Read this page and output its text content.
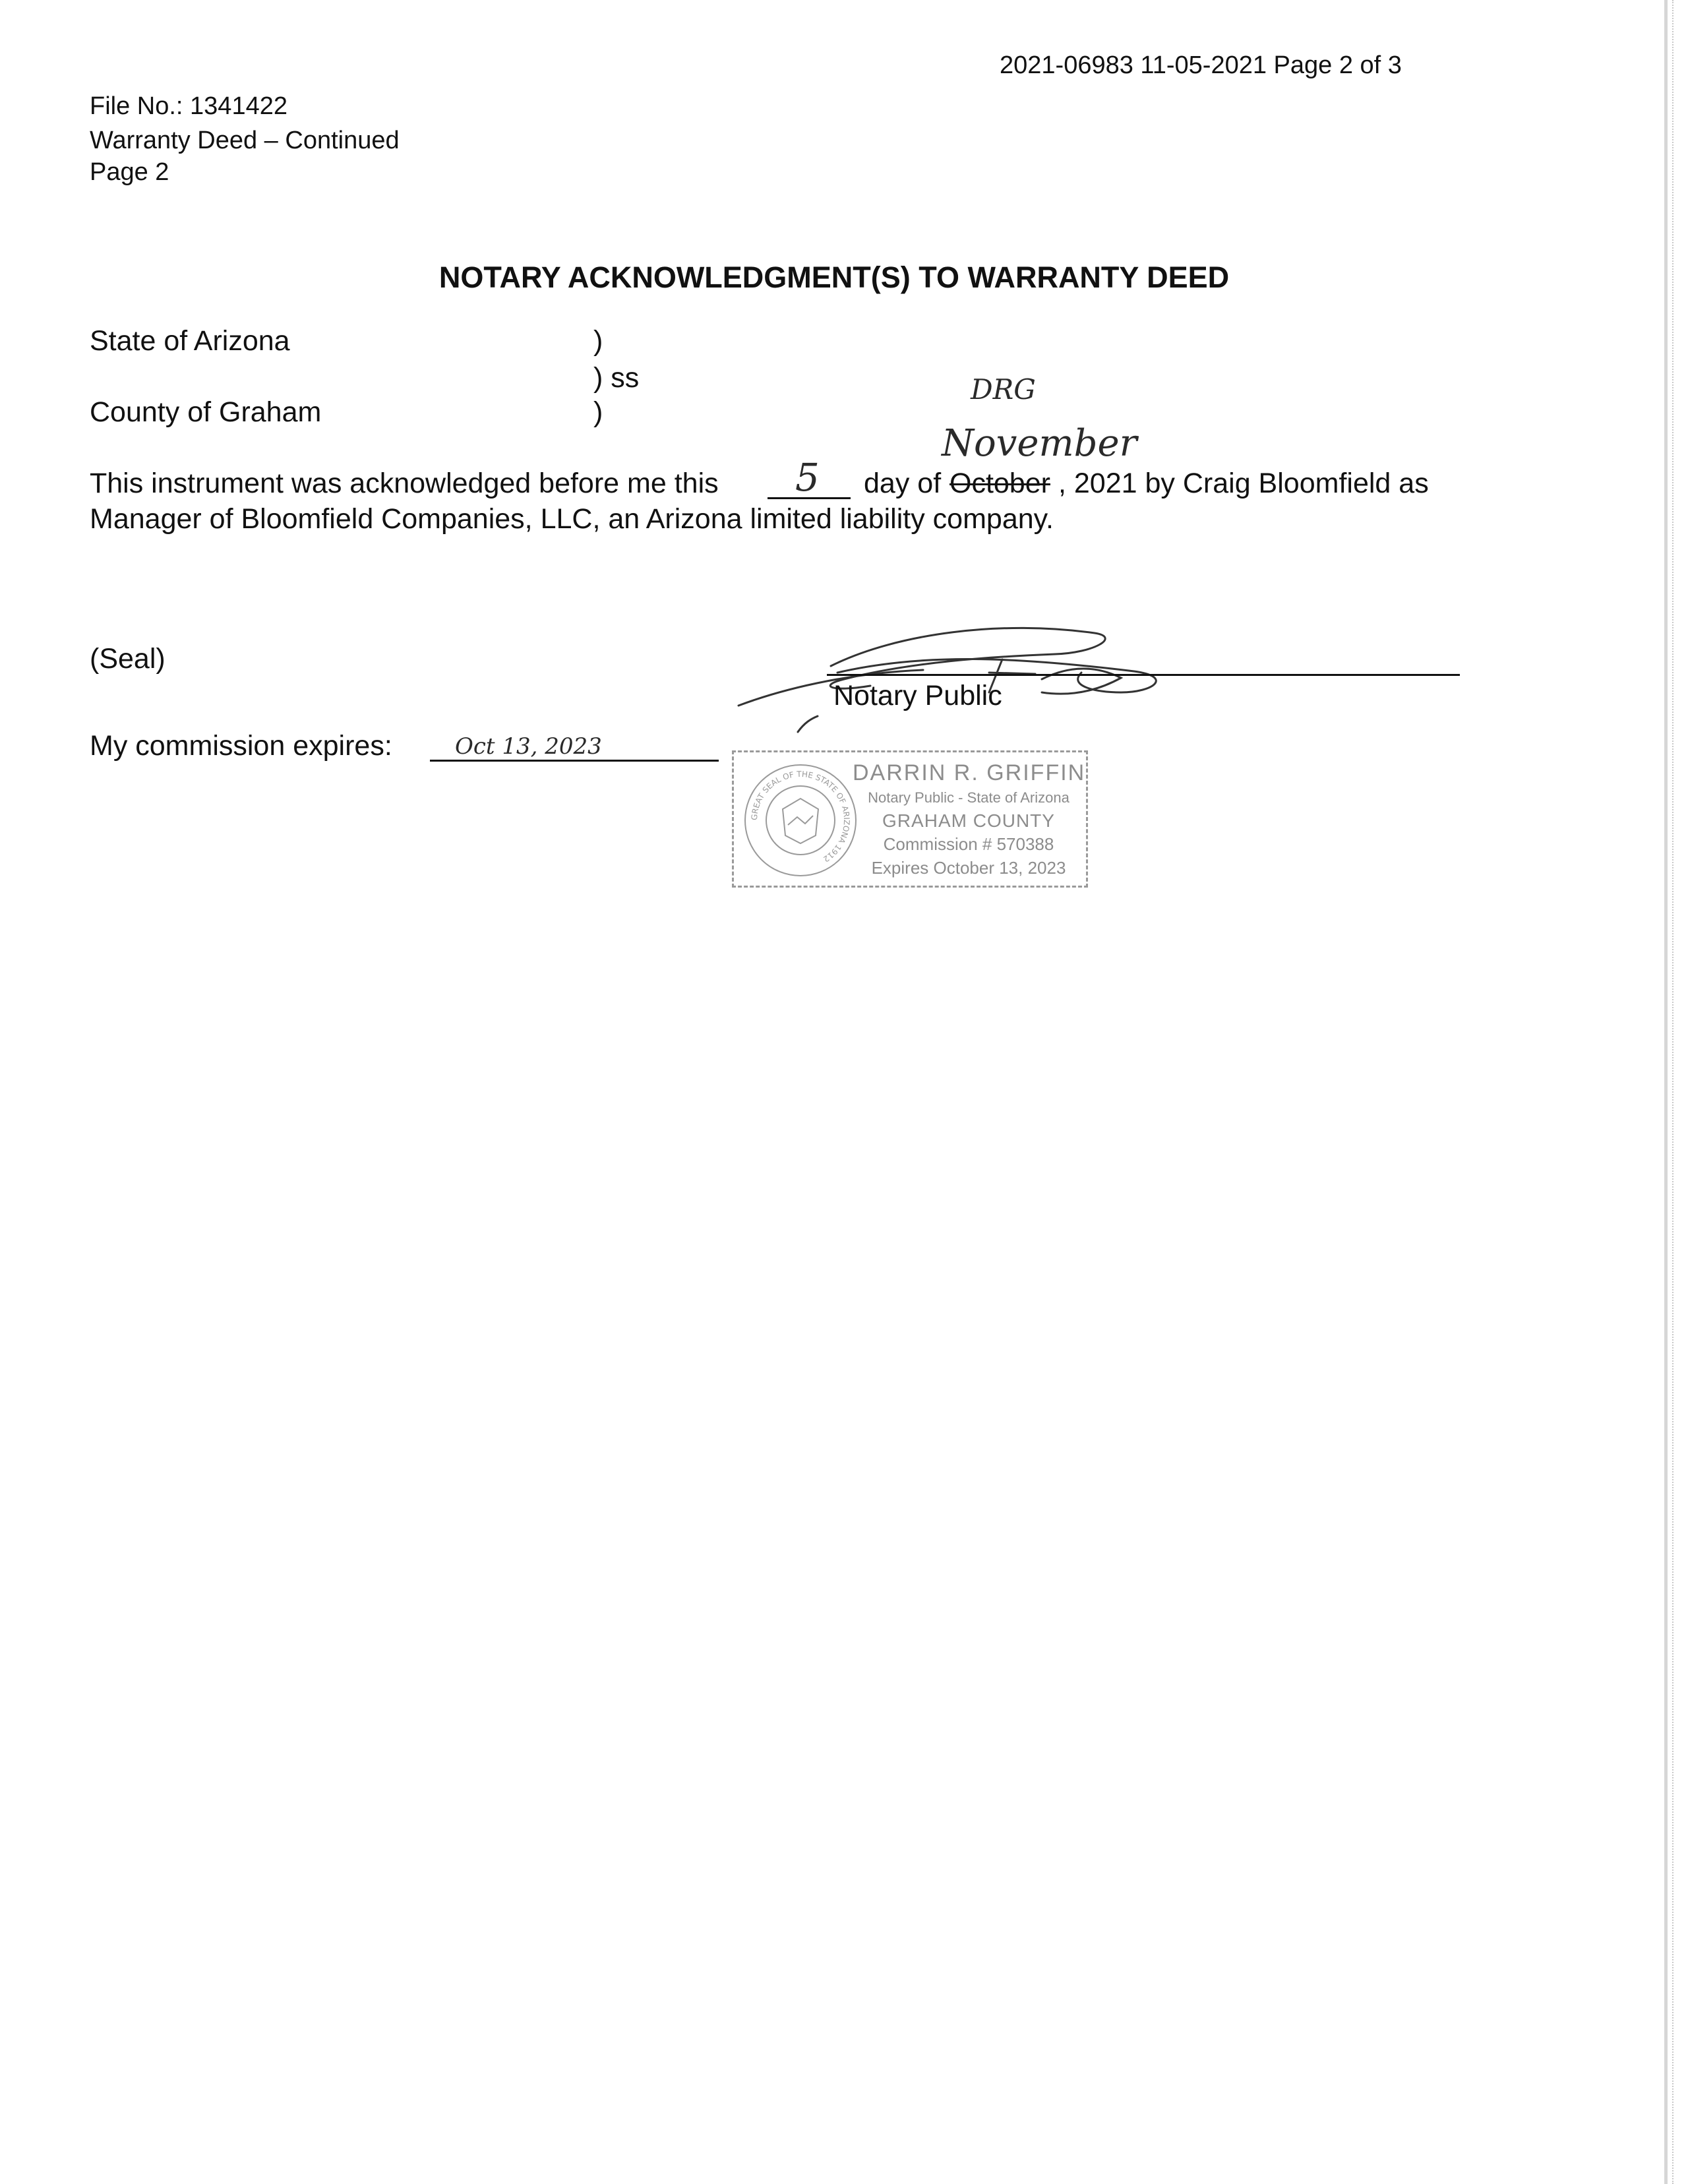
2021-06983 11-05-2021 Page 2 of 3
File No.: 1341422
Warranty Deed – Continued
Page 2
NOTARY ACKNOWLEDGMENT(S) TO WARRANTY DEED
State of Arizona	)
) ss
County of Graham	)
DRG
November
This instrument was acknowledged before me this 5 day of October , 2021 by Craig Bloomfield as
Manager of Bloomfield Companies, LLC, an Arizona limited liability company.
(Seal)
Notary Public
My commission expires:	Oct 13, 2023
GREAT SEAL OF THE STATE OF ARIZONA 1912
DARRIN R. GRIFFIN
Notary Public - State of Arizona
GRAHAM COUNTY
Commission # 570388
Expires October 13, 2023
